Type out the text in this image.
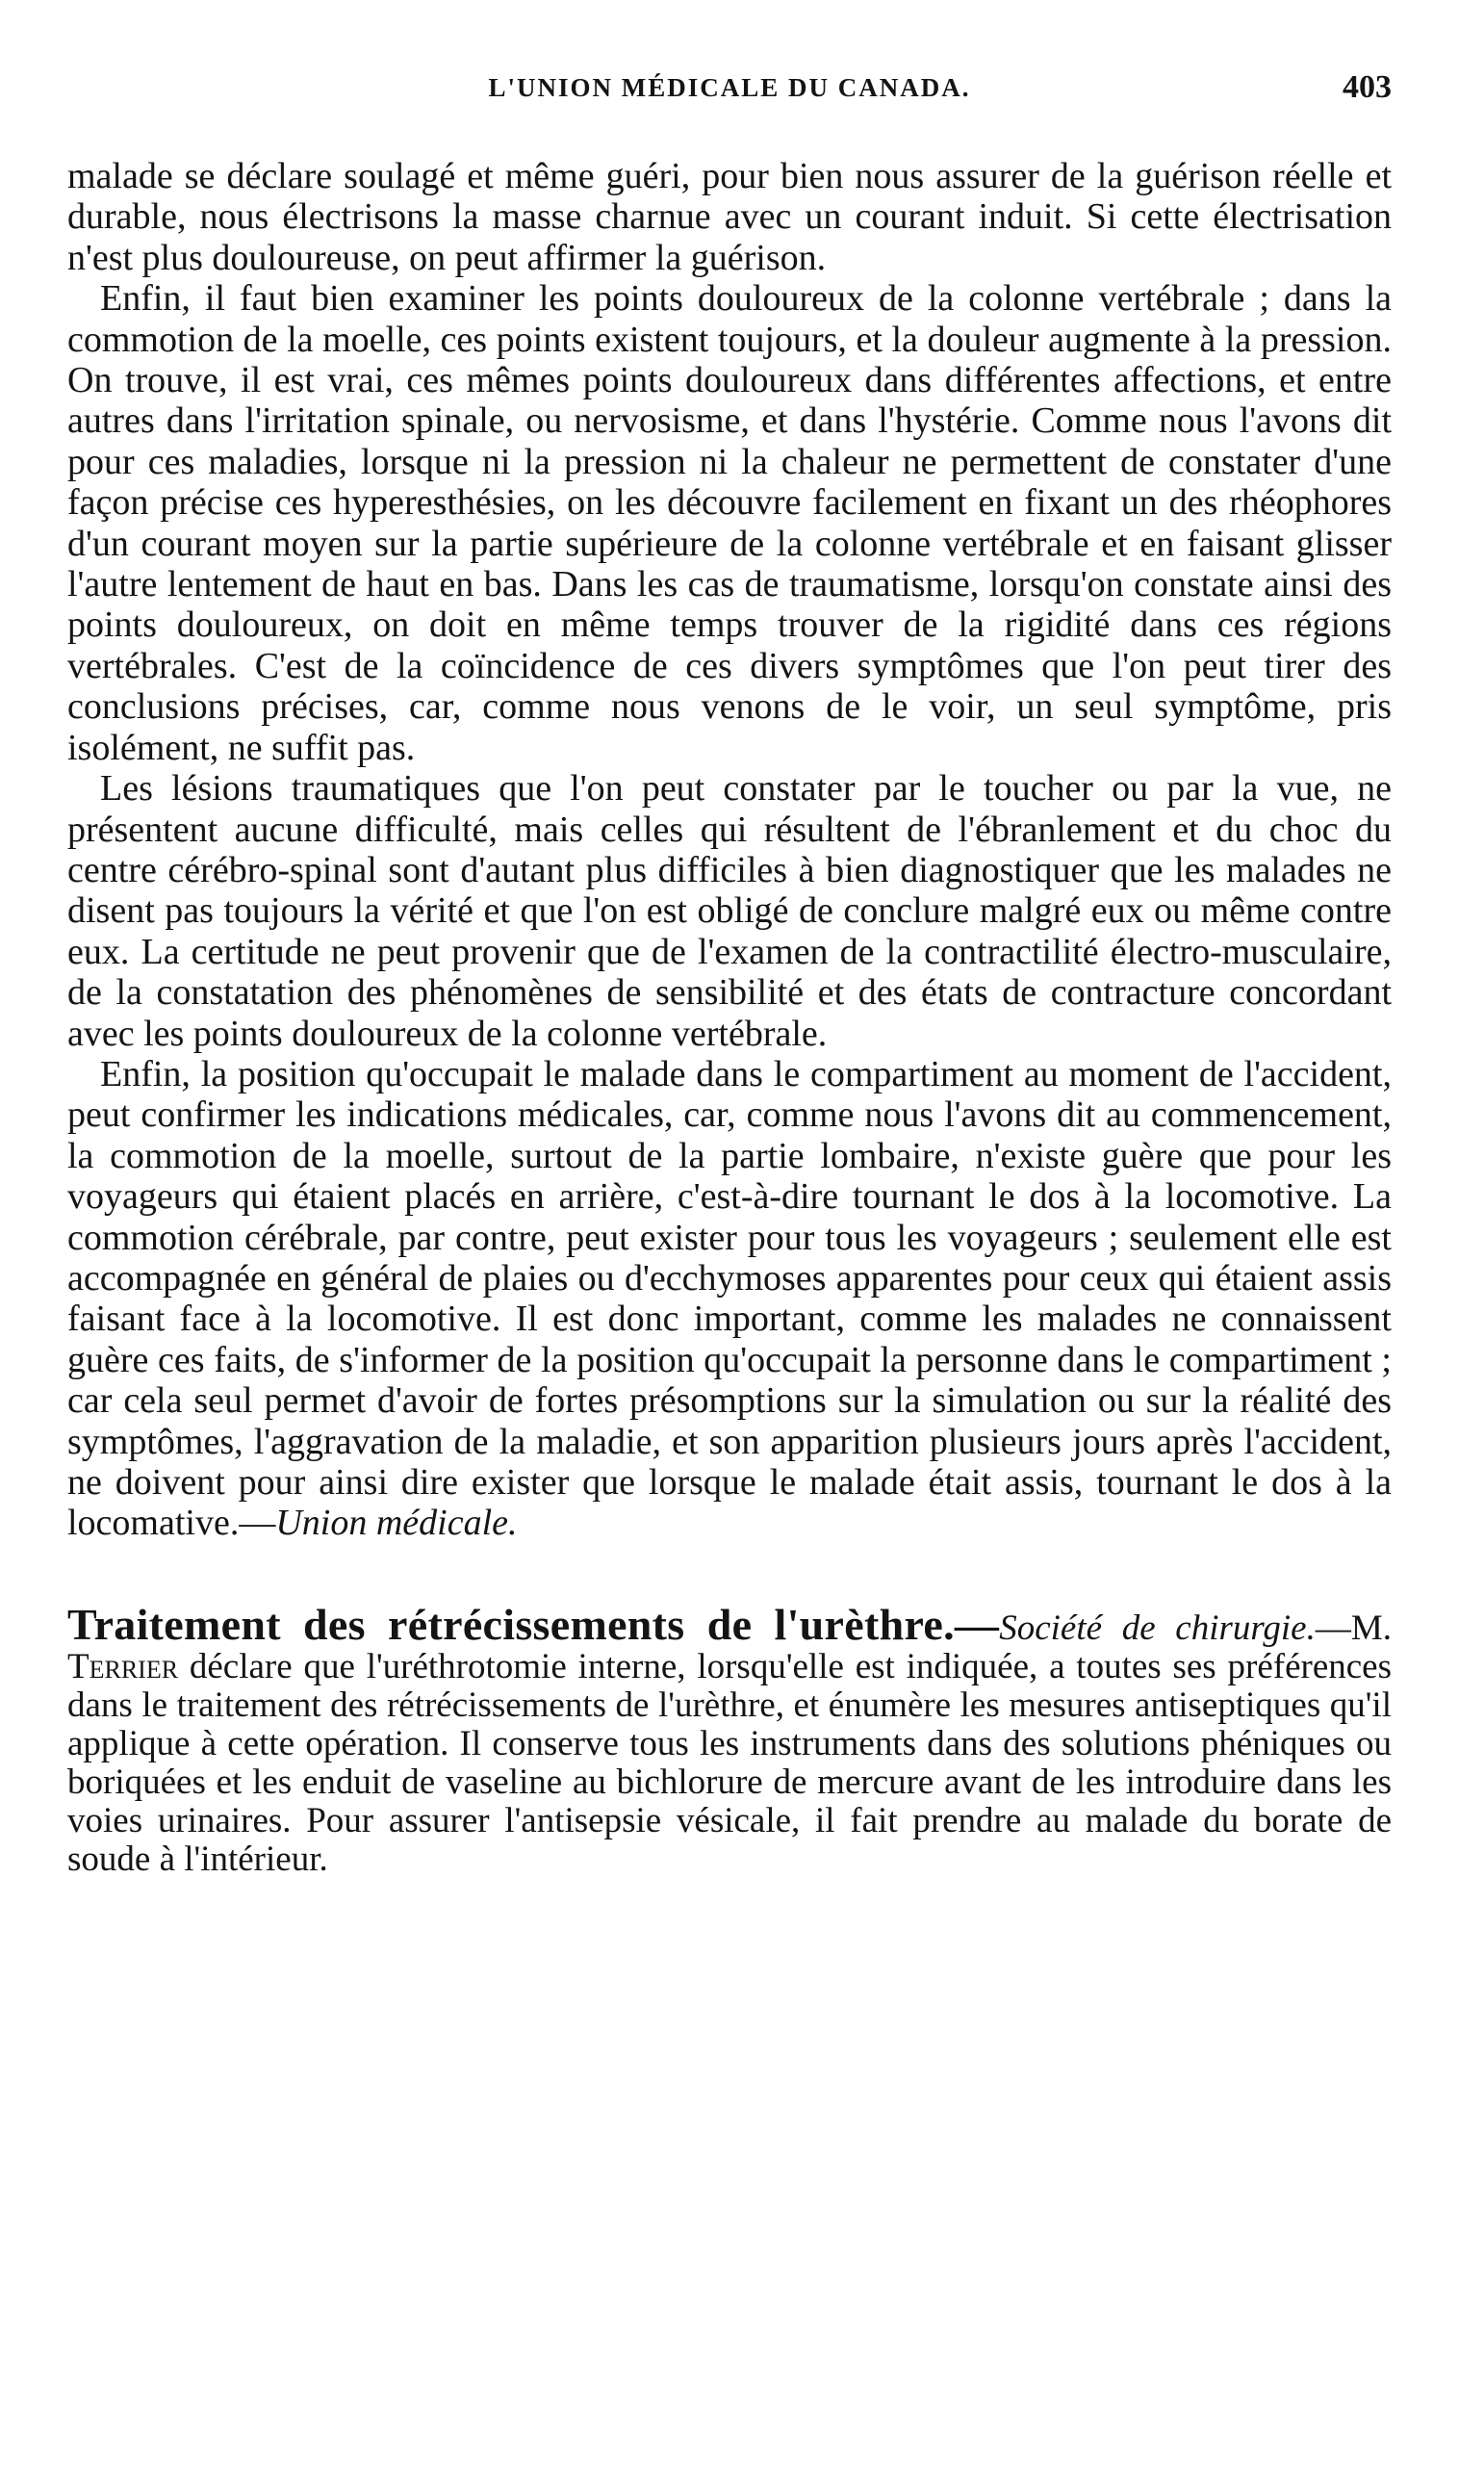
L'UNION MÉDICALE DU CANADA.	403

malade se déclare soulagé et même guéri, pour bien nous assurer de la guérison réelle et durable, nous électrisons la masse charnue avec un courant induit. Si cette électrisation n'est plus douloureuse, on peut affirmer la guérison.

Enfin, il faut bien examiner les points douloureux de la colonne vertébrale ; dans la commotion de la moelle, ces points existent toujours, et la douleur augmente à la pression. On trouve, il est vrai, ces mêmes points douloureux dans différentes affections, et entre autres dans l'irritation spinale, ou nervosisme, et dans l'hystérie. Comme nous l'avons dit pour ces maladies, lorsque ni la pression ni la chaleur ne permettent de constater d'une façon précise ces hyperesthésies, on les découvre facilement en fixant un des rhéophores d'un courant moyen sur la partie supérieure de la colonne vertébrale et en faisant glisser l'autre lentement de haut en bas. Dans les cas de traumatisme, lorsqu'on constate ainsi des points douloureux, on doit en même temps trouver de la rigidité dans ces régions vertébrales. C'est de la coïncidence de ces divers symptômes que l'on peut tirer des conclusions précises, car, comme nous venons de le voir, un seul symptôme, pris isolément, ne suffit pas.

Les lésions traumatiques que l'on peut constater par le toucher ou par la vue, ne présentent aucune difficulté, mais celles qui résultent de l'ébranlement et du choc du centre cérébro-spinal sont d'autant plus difficiles à bien diagnostiquer que les malades ne disent pas toujours la vérité et que l'on est obligé de conclure malgré eux ou même contre eux. La certitude ne peut provenir que de l'examen de la contractilité électro-musculaire, de la constatation des phénomènes de sensibilité et des états de contracture concordant avec les points douloureux de la colonne vertébrale.

Enfin, la position qu'occupait le malade dans le compartiment au moment de l'accident, peut confirmer les indications médicales, car, comme nous l'avons dit au commencement, la commotion de la moelle, surtout de la partie lombaire, n'existe guère que pour les voyageurs qui étaient placés en arrière, c'est-à-dire tournant le dos à la locomotive. La commotion cérébrale, par contre, peut exister pour tous les voyageurs ; seulement elle est accompagnée en général de plaies ou d'ecchymoses apparentes pour ceux qui étaient assis faisant face à la locomotive. Il est donc important, comme les malades ne connaissent guère ces faits, de s'informer de la position qu'occupait la personne dans le compartiment ; car cela seul permet d'avoir de fortes présomptions sur la simulation ou sur la réalité des symptômes, l'aggravation de la maladie, et son apparition plusieurs jours après l'accident, ne doivent pour ainsi dire exister que lorsque le malade était assis, tournant le dos à la locomative.—Union médicale.

Traitement des rétrécissements de l'urèthre.—Société de chirurgie.—M. Terrier déclare que l'uréthrotomie interne, lorsqu'elle est indiquée, a toutes ses préférences dans le traitement des rétrécissements de l'urèthre, et énumère les mesures antiseptiques qu'il applique à cette opération. Il conserve tous les instruments dans des solutions phéniques ou boriquées et les enduit de vaseline au bichlorure de mercure avant de les introduire dans les voies urinaires. Pour assurer l'antisepsie vésicale, il fait prendre au malade du borate de soude à l'intérieur.
